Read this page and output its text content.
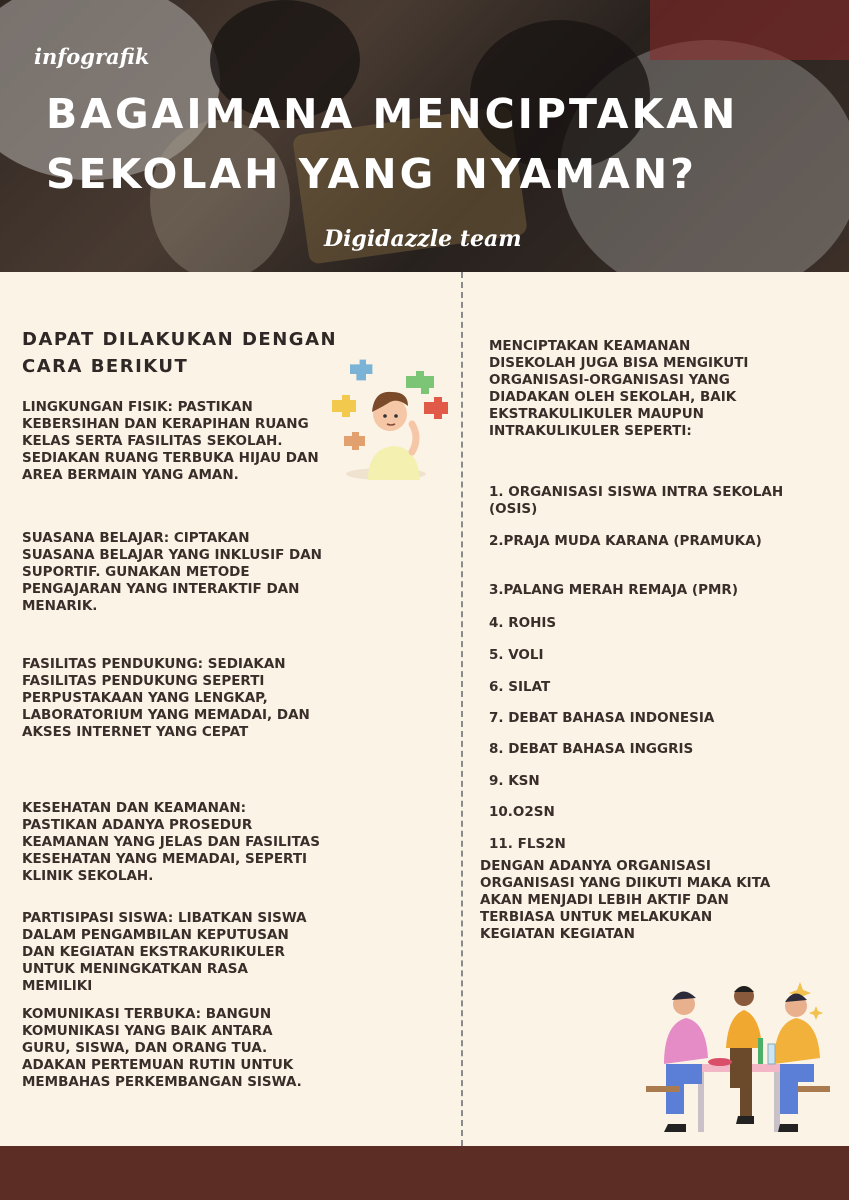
infografik
BAGAIMANA MENCIPTAKAN
SEKOLAH YANG NYAMAN?
Digidazzle team
DAPAT DILAKUKAN DENGAN CARA BERIKUT

LINGKUNGAN FISIK: PASTIKAN KEBERSIHAN DAN KERAPIHAN RUANG KELAS SERTA FASILITAS SEKOLAH. SEDIAKAN RUANG TERBUKA HIJAU DAN AREA BERMAIN YANG AMAN.

SUASANA BELAJAR: CIPTAKAN SUASANA BELAJAR YANG INKLUSIF DAN SUPORTIF. GUNAKAN METODE PENGAJARAN YANG INTERAKTIF DAN MENARIK.

FASILITAS PENDUKUNG: SEDIAKAN FASILITAS PENDUKUNG SEPERTI PERPUSTAKAAN YANG LENGKAP, LABORATORIUM YANG MEMADAI, DAN AKSES INTERNET YANG CEPAT

KESEHATAN DAN KEAMANAN: PASTIKAN ADANYA PROSEDUR KEAMANAN YANG JELAS DAN FASILITAS KESEHATAN YANG MEMADAI, SEPERTI KLINIK SEKOLAH.

PARTISIPASI SISWA: LIBATKAN SISWA DALAM PENGAMBILAN KEPUTUSAN DAN KEGIATAN EKSTRAKURIKULER UNTUK MENINGKATKAN RASA MEMILIKI

KOMUNIKASI TERBUKA: BANGUN KOMUNIKASI YANG BAIK ANTARA GURU, SISWA, DAN ORANG TUA. ADAKAN PERTEMUAN RUTIN UNTUK MEMBAHAS PERKEMBANGAN SISWA.

MENCIPTAKAN KEAMANAN DISEKOLAH JUGA BISA MENGIKUTI ORGANISASI-ORGANISASI YANG DIADAKAN OLEH SEKOLAH, BAIK EKSTRAKULIKULER MAUPUN INTRAKULIKULER SEPERTI:

1. ORGANISASI SISWA INTRA SEKOLAH (OSIS)
2.PRAJA MUDA KARANA (PRAMUKA)
3.PALANG MERAH REMAJA (PMR)
4. ROHIS
5. VOLI
6. SILAT
7. DEBAT BAHASA INDONESIA
8. DEBAT BAHASA INGGRIS
9. KSN
10.O2SN
11. FLS2N

DENGAN ADANYA ORGANISASI ORGANISASI YANG DIIKUTI MAKA KITA AKAN MENJADI LEBIH AKTIF DAN TERBIASA UNTUK MELAKUKAN KEGIATAN KEGIATAN
